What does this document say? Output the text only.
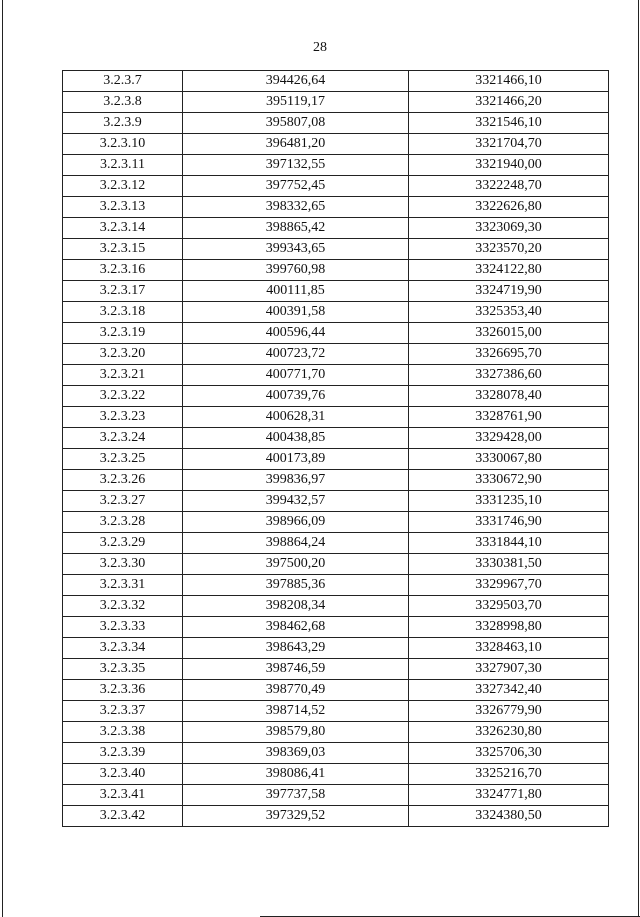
28
3.2.3.7	394426,64	3321466,10
3.2.3.8	395119,17	3321466,20
3.2.3.9	395807,08	3321546,10
3.2.3.10	396481,20	3321704,70
3.2.3.11	397132,55	3321940,00
3.2.3.12	397752,45	3322248,70
3.2.3.13	398332,65	3322626,80
3.2.3.14	398865,42	3323069,30
3.2.3.15	399343,65	3323570,20
3.2.3.16	399760,98	3324122,80
3.2.3.17	400111,85	3324719,90
3.2.3.18	400391,58	3325353,40
3.2.3.19	400596,44	3326015,00
3.2.3.20	400723,72	3326695,70
3.2.3.21	400771,70	3327386,60
3.2.3.22	400739,76	3328078,40
3.2.3.23	400628,31	3328761,90
3.2.3.24	400438,85	3329428,00
3.2.3.25	400173,89	3330067,80
3.2.3.26	399836,97	3330672,90
3.2.3.27	399432,57	3331235,10
3.2.3.28	398966,09	3331746,90
3.2.3.29	398864,24	3331844,10
3.2.3.30	397500,20	3330381,50
3.2.3.31	397885,36	3329967,70
3.2.3.32	398208,34	3329503,70
3.2.3.33	398462,68	3328998,80
3.2.3.34	398643,29	3328463,10
3.2.3.35	398746,59	3327907,30
3.2.3.36	398770,49	3327342,40
3.2.3.37	398714,52	3326779,90
3.2.3.38	398579,80	3326230,80
3.2.3.39	398369,03	3325706,30
3.2.3.40	398086,41	3325216,70
3.2.3.41	397737,58	3324771,80
3.2.3.42	397329,52	3324380,50
